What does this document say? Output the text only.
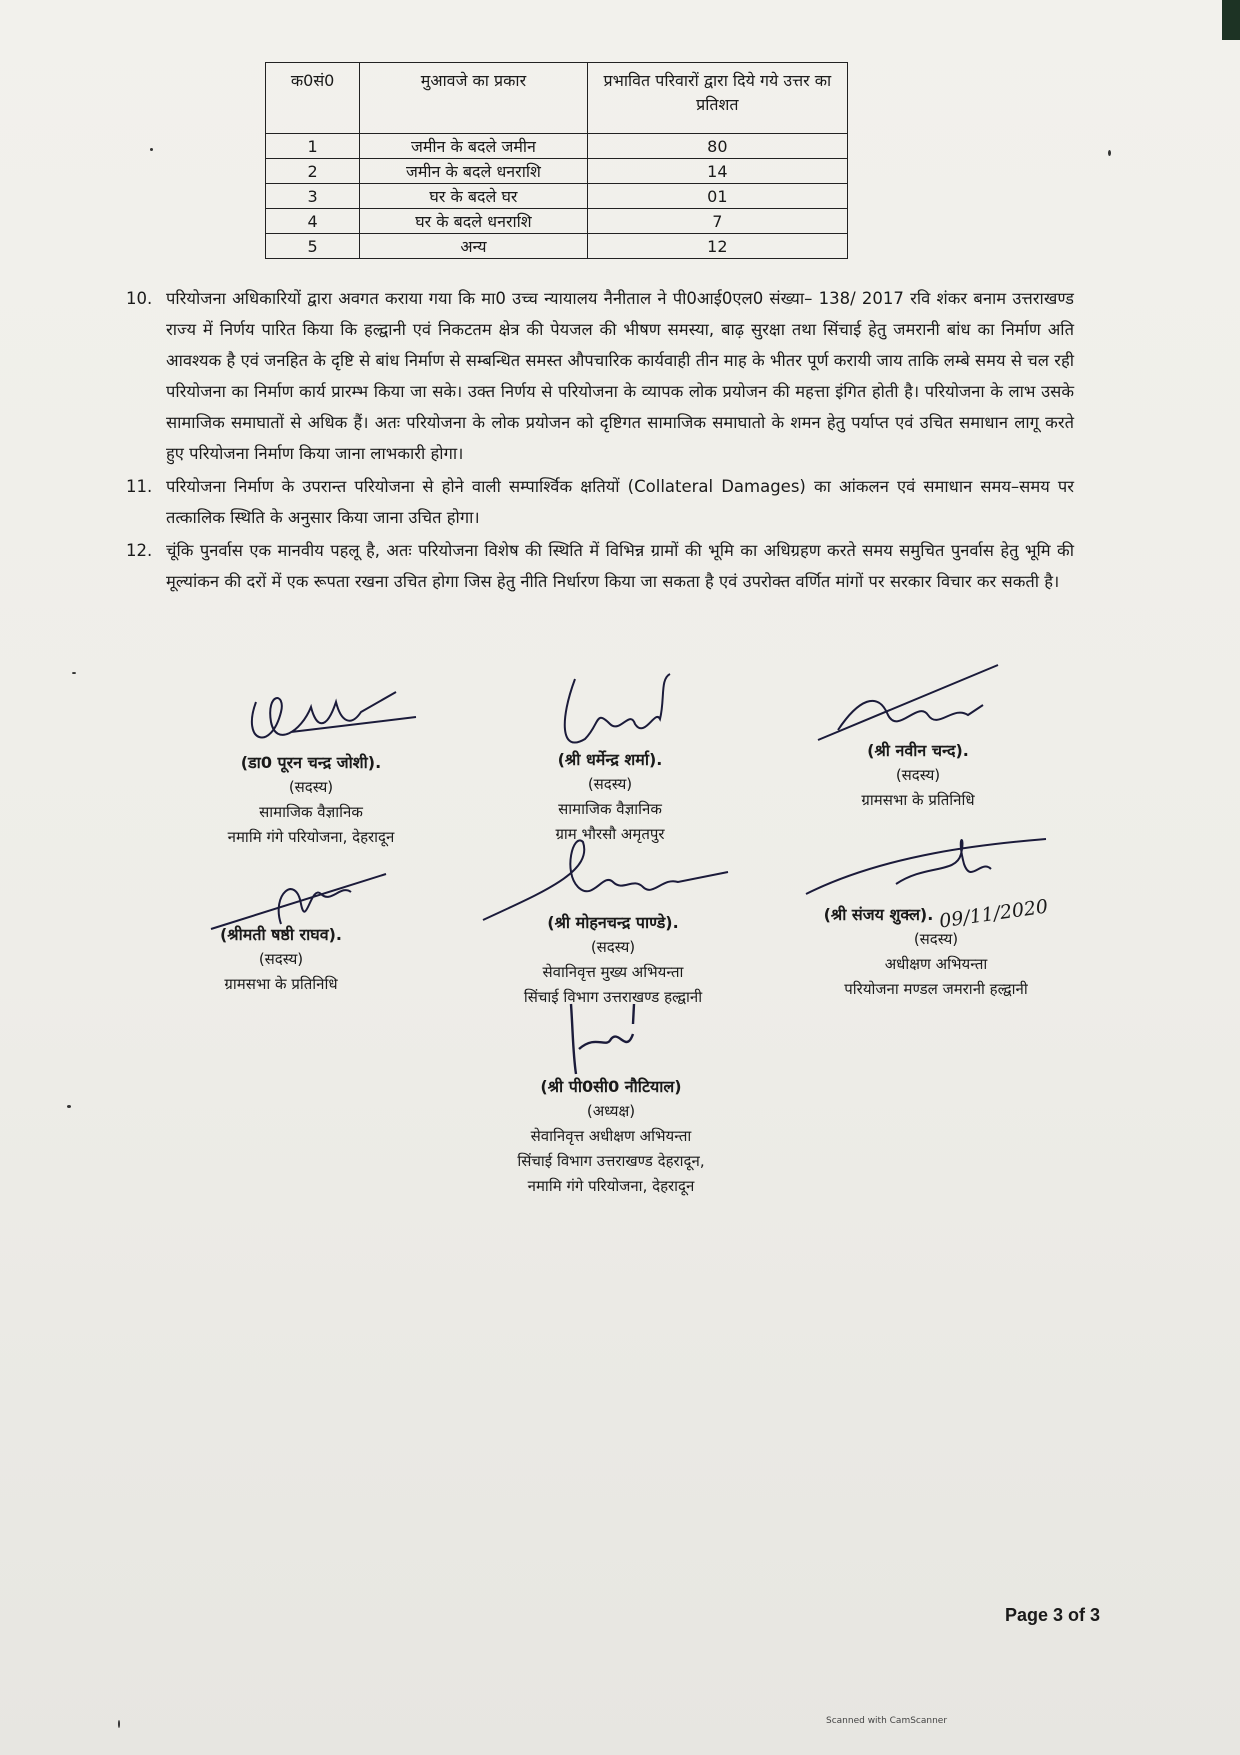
क0सं0	मुआवजे का प्रकार	प्रभावित परिवारों द्वारा दिये गये उत्तर का प्रतिशत
1	जमीन के बदले जमीन	80
2	जमीन के बदले धनराशि	14
3	घर के बदले घर	01
4	घर के बदले धनराशि	7
5	अन्य	12

10. परियोजना अधिकारियों द्वारा अवगत कराया गया कि मा0 उच्च न्यायालय नैनीताल ने पी0आई0एल0 संख्या– 138/ 2017 रवि शंकर बनाम उत्तराखण्ड राज्य में निर्णय पारित किया कि हल्द्वानी एवं निकटतम क्षेत्र की पेयजल की भीषण समस्या, बाढ़ सुरक्षा तथा सिंचाई हेतु जमरानी बांध का निर्माण अति आवश्यक है एवं जनहित के दृष्टि से बांध निर्माण से सम्बन्धित समस्त औपचारिक कार्यवाही तीन माह के भीतर पूर्ण करायी जाय ताकि लम्बे समय से चल रही परियोजना का निर्माण कार्य प्रारम्भ किया जा सके। उक्त निर्णय से परियोजना के व्यापक लोक प्रयोजन की महत्ता इंगित होती है। परियोजना के लाभ उसके सामाजिक समाघातों से अधिक हैं। अतः परियोजना के लोक प्रयोजन को दृष्टिगत सामाजिक समाघातो के शमन हेतु पर्याप्त एवं उचित समाधान लागू करते हुए परियोजना निर्माण किया जाना लाभकारी होगा।

11. परियोजना निर्माण के उपरान्त परियोजना से होने वाली सम्पार्श्विक क्षतियों (Collateral Damages) का आंकलन एवं समाधान समय–समय पर तत्कालिक स्थिति के अनुसार किया जाना उचित होगा।

12. चूंकि पुनर्वास एक मानवीय पहलू है, अतः परियोजना विशेष की स्थिति में विभिन्न ग्रामों की भूमि का अधिग्रहण करते समय समुचित पुनर्वास हेतु भूमि की मूल्यांकन की दरों में एक रूपता रखना उचित होगा जिस हेतु नीति निर्धारण किया जा सकता है एवं उपरोक्त वर्णित मांगों पर सरकार विचार कर सकती है।

(डा0 पूरन चन्द्र जोशी).
(सदस्य)
सामाजिक वैज्ञानिक
नमामि गंगे परियोजना, देहरादून
(श्री धर्मेन्द्र शर्मा).
(सदस्य)
सामाजिक वैज्ञानिक
ग्राम भौरसौ अमृतपुर
(श्री नवीन चन्द).
(सदस्य)
ग्रामसभा के प्रतिनिधि
(श्रीमती षष्ठी राघव).
(सदस्य)
ग्रामसभा के प्रतिनिधि
(श्री मोहनचन्द्र पाण्डे).
(सदस्य)
सेवानिवृत्त मुख्य अभियन्ता
सिंचाई विभाग उत्तराखण्ड हल्द्वानी
(श्री संजय शुक्ल). 09/11/2020
(सदस्य)
अधीक्षण अभियन्ता
परियोजना मण्डल जमरानी हल्द्वानी
(श्री पी0सी0 नौटियाल)
(अध्यक्ष)
सेवानिवृत्त अधीक्षण अभियन्ता
सिंचाई विभाग उत्तराखण्ड देहरादून,
नमामि गंगे परियोजना, देहरादून
Page 3 of 3
Scanned with CamScanner
